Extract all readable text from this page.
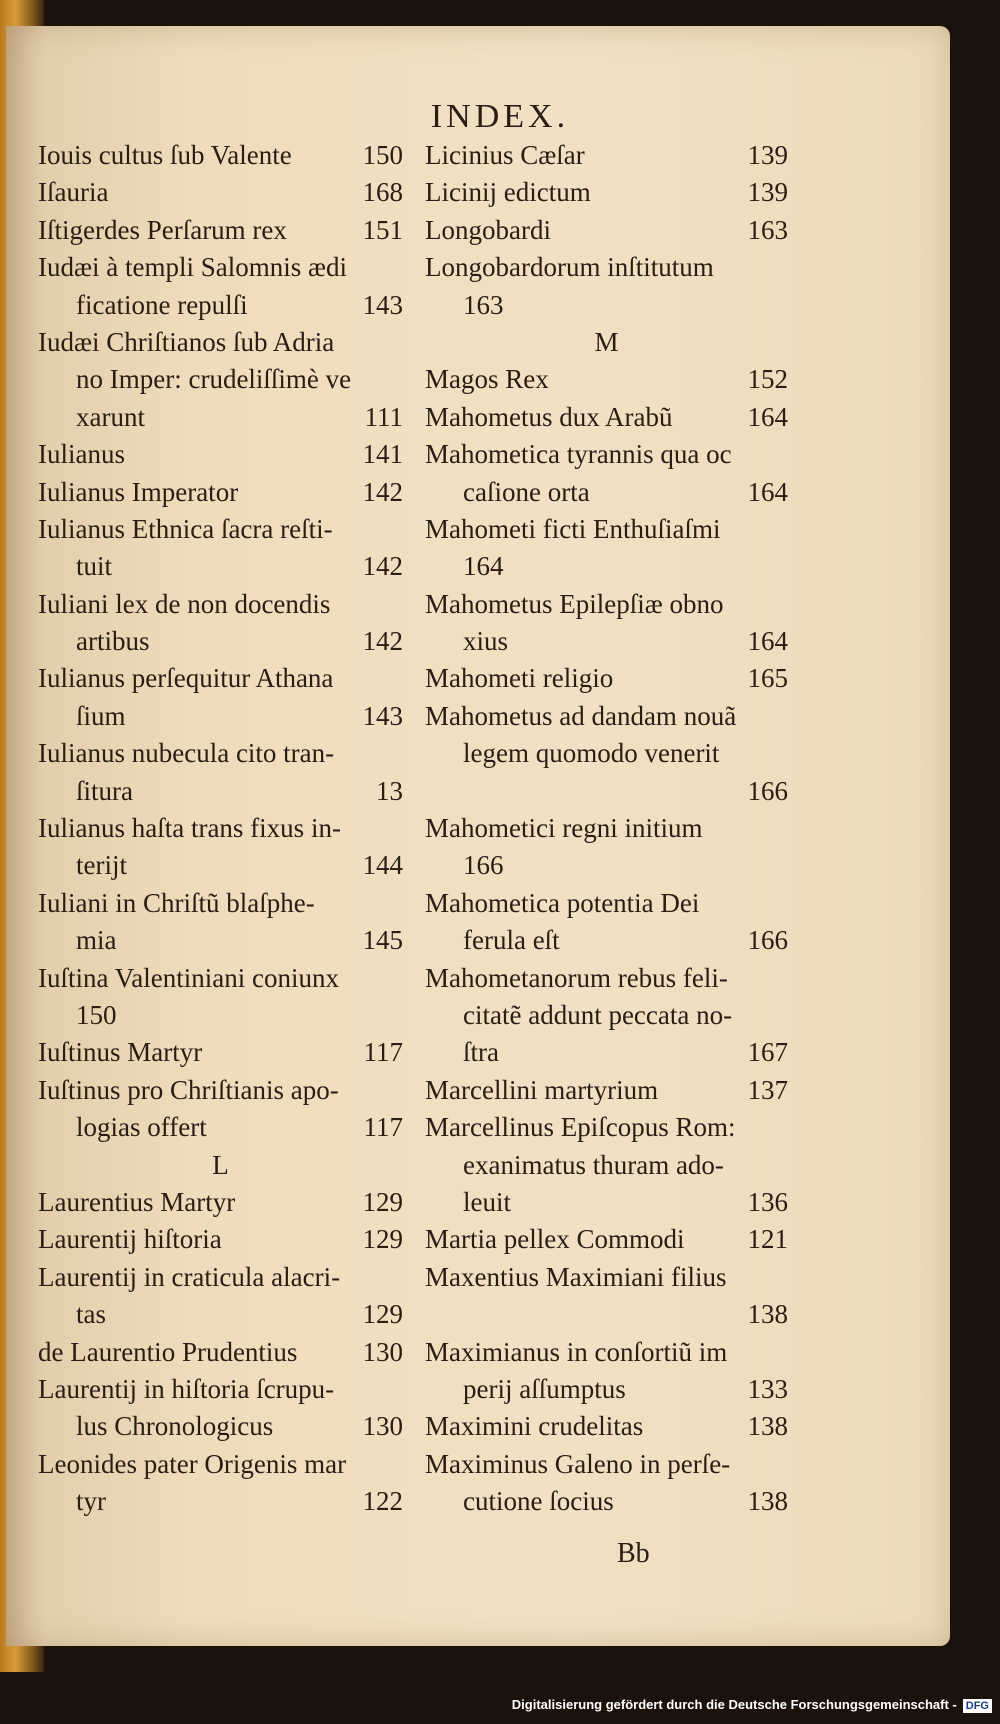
INDEX.
Iouis cultus ſub Valente	150
Iſauria	168
Iſtigerdes Perſarum rex	151
Iudæi à templi Salomnis ædi
ficatione repulſi	143
Iudæi Chriſtianos ſub Adria
no Imper: crudeliſſimè ve
xarunt	111
Iulianus	141
Iulianus Imperator	142
Iulianus Ethnica ſacra reſti-
tuit	142
Iuliani lex de non docendis
artibus	142
Iulianus perſequitur Athana
ſium	143
Iulianus nubecula cito tran-
ſitura	13
Iulianus haſta trans fixus in-
terijt	144
Iuliani in Chriſtũ blaſphe-
mia	145
Iuſtina Valentiniani coniunx
150
Iuſtinus Martyr	117
Iuſtinus pro Chriſtianis apo-
logias offert	117
L
Laurentius Martyr	129
Laurentij hiſtoria	129
Laurentij in craticula alacri-
tas	129
de Laurentio Prudentius 130
Laurentij in hiſtoria ſcrupu-
lus Chronologicus	130
Leonides pater Origenis mar
tyr	122
Licinius Cæſar	139
Licinij edictum	139
Longobardi	163
Longobardorum inſtitutum
163
M
Magos Rex	152
Mahometus dux Arabũ	164
Mahometica tyrannis qua oc
caſione orta	164
Mahometi ficti Enthuſiaſmi
164
Mahometus Epilepſiæ obno
xius	164
Mahometi religio	165
Mahometus ad dandam nouã
legem quomodo venerit
166
Mahometici regni initium
166
Mahometica potentia Dei
ferula eſt	166
Mahometanorum rebus feli-
citatẽ addunt peccata no-
ſtra	167
Marcellini martyrium	137
Marcellinus Epiſcopus Rom:
exanimatus thuram ado-
leuit	136
Martia pellex Commodi 121
Maxentius Maximiani filius
138
Maximianus in conſortiũ im
perij aſſumptus	133
Maximini crudelitas	138
Maximinus Galeno in perſe-
cutione ſocius	138
Bb
Digitalisierung gefördert durch die Deutsche Forschungsgemeinschaft - DFG
